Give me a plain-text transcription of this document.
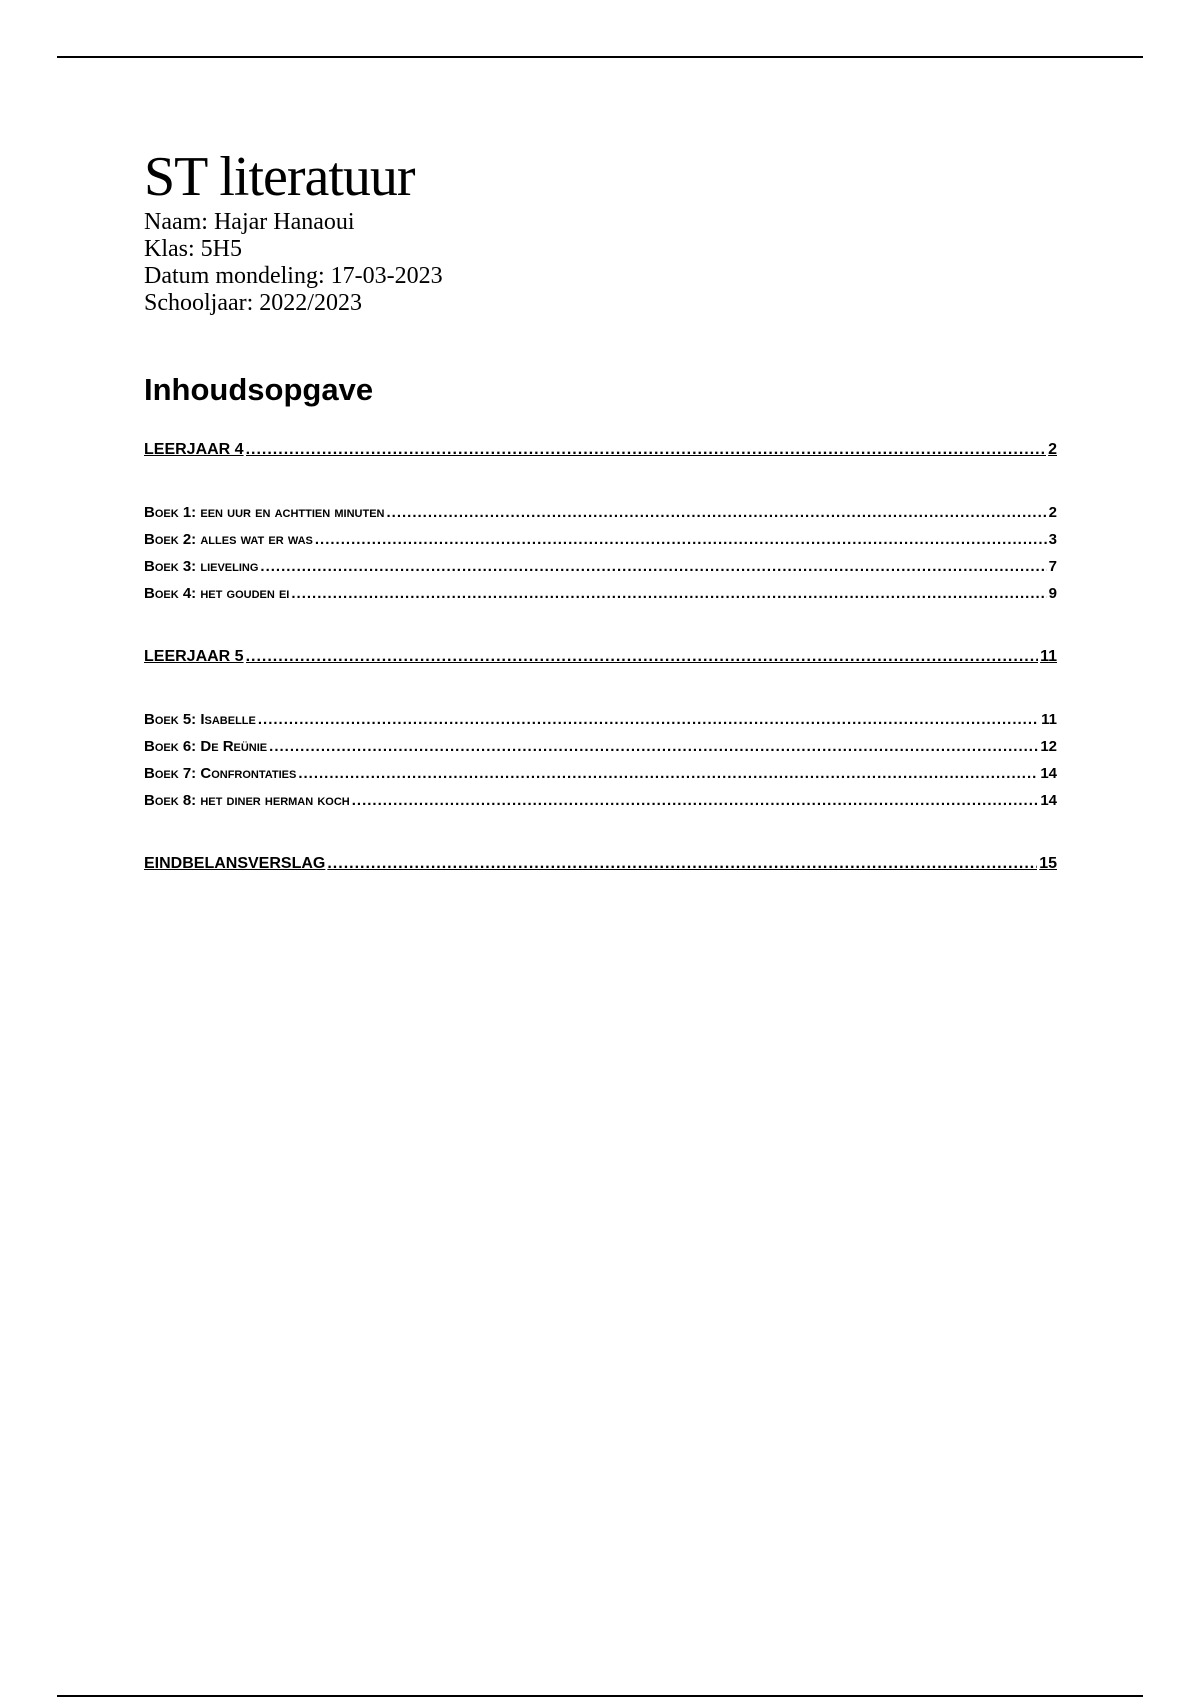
ST literatuur
Naam: Hajar Hanaoui
Klas: 5H5
Datum mondeling: 17-03-2023
Schooljaar: 2022/2023
Inhoudsopgave
LEERJAAR 4 .....	2
Boek 1: een uur en achttien minuten .....	2
Boek 2: alles wat er was .....	3
Boek 3: lieveling .....	7
Boek 4: het gouden ei .....	9
LEERJAAR 5 .....	11
Boek 5: Isabelle .....	11
Boek 6: De Reünie .....	12
Boek 7: Confrontaties .....	14
Boek 8: het diner herman koch .....	14
EINDBELANSVERSLAG .....	15
